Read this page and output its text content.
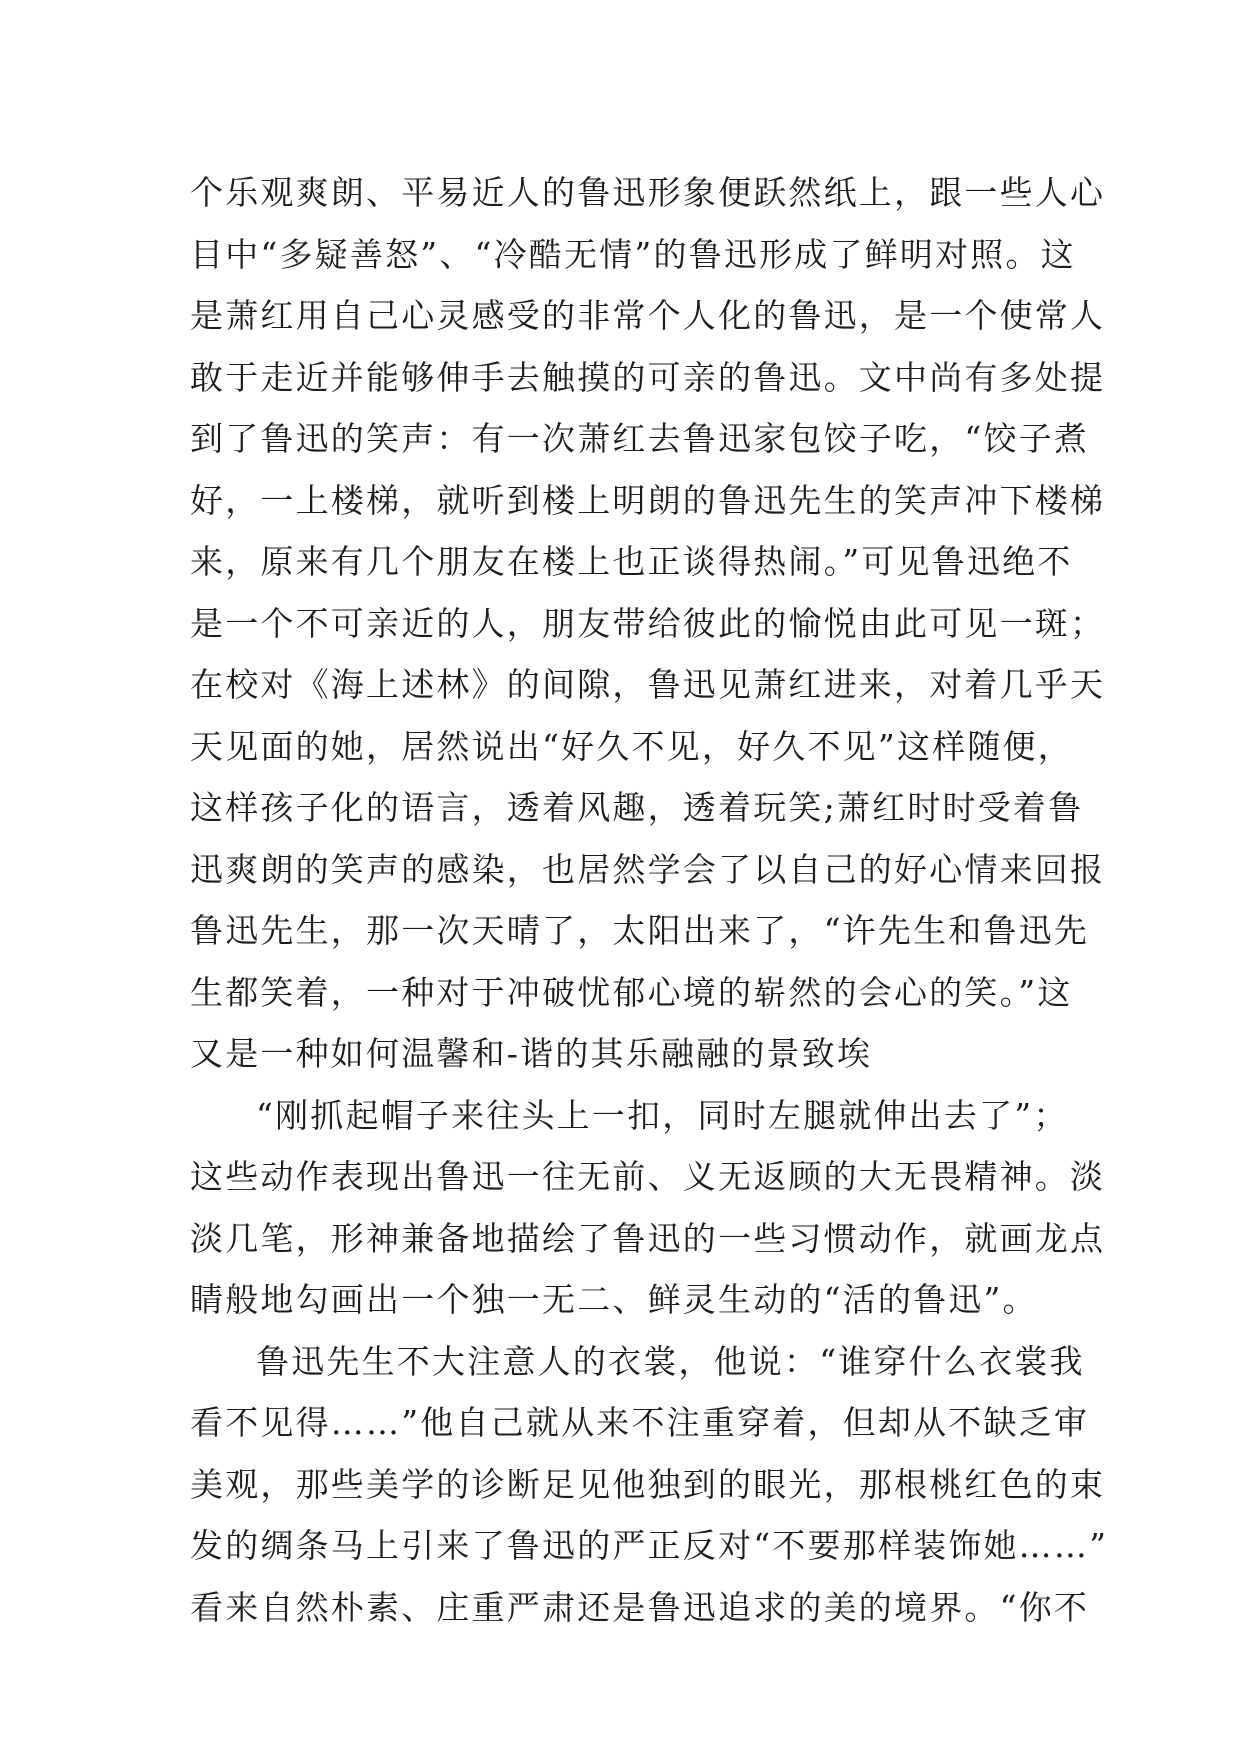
个乐观爽朗、平易近人的鲁迅形象便跃然纸上，跟一些人心
目中“多疑善怒”、“冷酷无情”的鲁迅形成了鲜明对照。这
是萧红用自己心灵感受的非常个人化的鲁迅，是一个使常人
敢于走近并能够伸手去触摸的可亲的鲁迅。文中尚有多处提
到了鲁迅的笑声：有一次萧红去鲁迅家包饺子吃，“饺子煮
好，一上楼梯，就听到楼上明朗的鲁迅先生的笑声冲下楼梯
来，原来有几个朋友在楼上也正谈得热闹。”可见鲁迅绝不
是一个不可亲近的人，朋友带给彼此的愉悦由此可见一斑；
在校对《海上述林》的间隙，鲁迅见萧红进来，对着几乎天
天见面的她，居然说出“好久不见，好久不见”这样随便，
这样孩子化的语言，透着风趣，透着玩笑;萧红时时受着鲁
迅爽朗的笑声的感染，也居然学会了以自己的好心情来回报
鲁迅先生，那一次天晴了，太阳出来了，“许先生和鲁迅先
生都笑着，一种对于冲破忧郁心境的崭然的会心的笑。”这
又是一种如何温馨和-谐的其乐融融的景致埃
“刚抓起帽子来往头上一扣，同时左腿就伸出去了”；
这些动作表现出鲁迅一往无前、义无返顾的大无畏精神。淡
淡几笔，形神兼备地描绘了鲁迅的一些习惯动作，就画龙点
睛般地勾画出一个独一无二、鲜灵生动的“活的鲁迅”。
鲁迅先生不大注意人的衣裳，他说：“谁穿什么衣裳我
看不见得……”他自己就从来不注重穿着，但却从不缺乏审
美观，那些美学的诊断足见他独到的眼光，那根桃红色的束
发的绸条马上引来了鲁迅的严正反对“不要那样装饰她……”
看来自然朴素、庄重严肃还是鲁迅追求的美的境界。“你不
